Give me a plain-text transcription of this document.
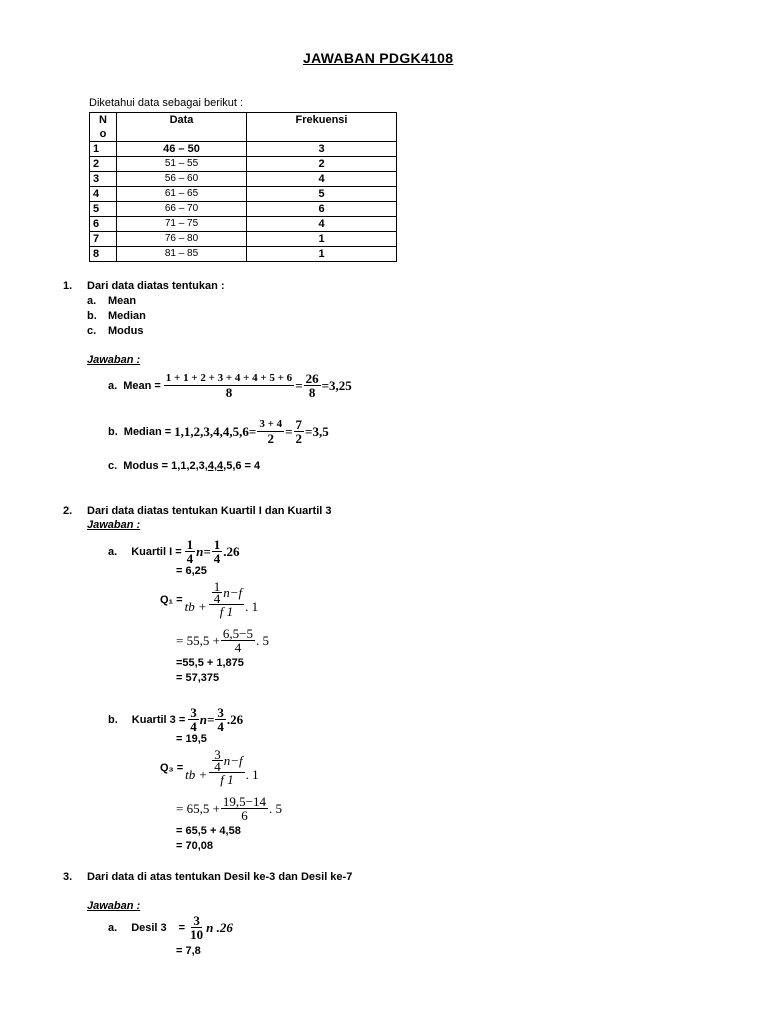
JAWABAN PDGK4108
Diketahui data sebagai berikut :
N
o	Data	Frekuensi
1	46 – 50	3
2	51 – 55	2
3	56 – 60	4
4	61 – 65	5
5	66 – 70	6
6	71 – 75	4
7	76 – 80	1
8	81 – 85	1
1. Dari data diatas tentukan :
a. Mean
b. Median
c. Modus
Jawaban :
a. Mean = $\frac{1 + 1 + 2 + 3 + 4 + 4 + 5 + 6}{8} = \frac{26}{8} =3,25$
b. Median = $1,1,2,3,4,4,5,6= \frac{3 + 4}{2} = \frac{7}{2} =3,5$
c. Modus = 1,1,2,3,4,4,5,6 = 4
2. Dari data diatas tentukan Kuartil I dan Kuartil 3
Jawaban :
a. Kuartil $I = \frac{1}{4} n= \frac{1}{4} .26$
= 6,25
Q₁ = tb + $\frac{\frac{1}{4} n-f}{f 1}$ . 1
= $55,5 + \frac{6,5-5}{4}$ . 5
=55,5 + 1,875
= 57,375
b. Kuartil $3 = \frac{3}{4} n= \frac{3}{4} .26$
= 19,5
Q₃ = tb + $\frac{\frac{3}{4} n-f}{f 1}$ . 1
= $65,5 + \frac{19,5-14}{6}$ . 5
= 65,5 + 4,58
= 70,08
3. Dari data di atas tentukan Desil ke-3 dan Desil ke-7
Jawaban :
a. Desil $3 = \frac{3}{10}$ n .26
= 7,8
